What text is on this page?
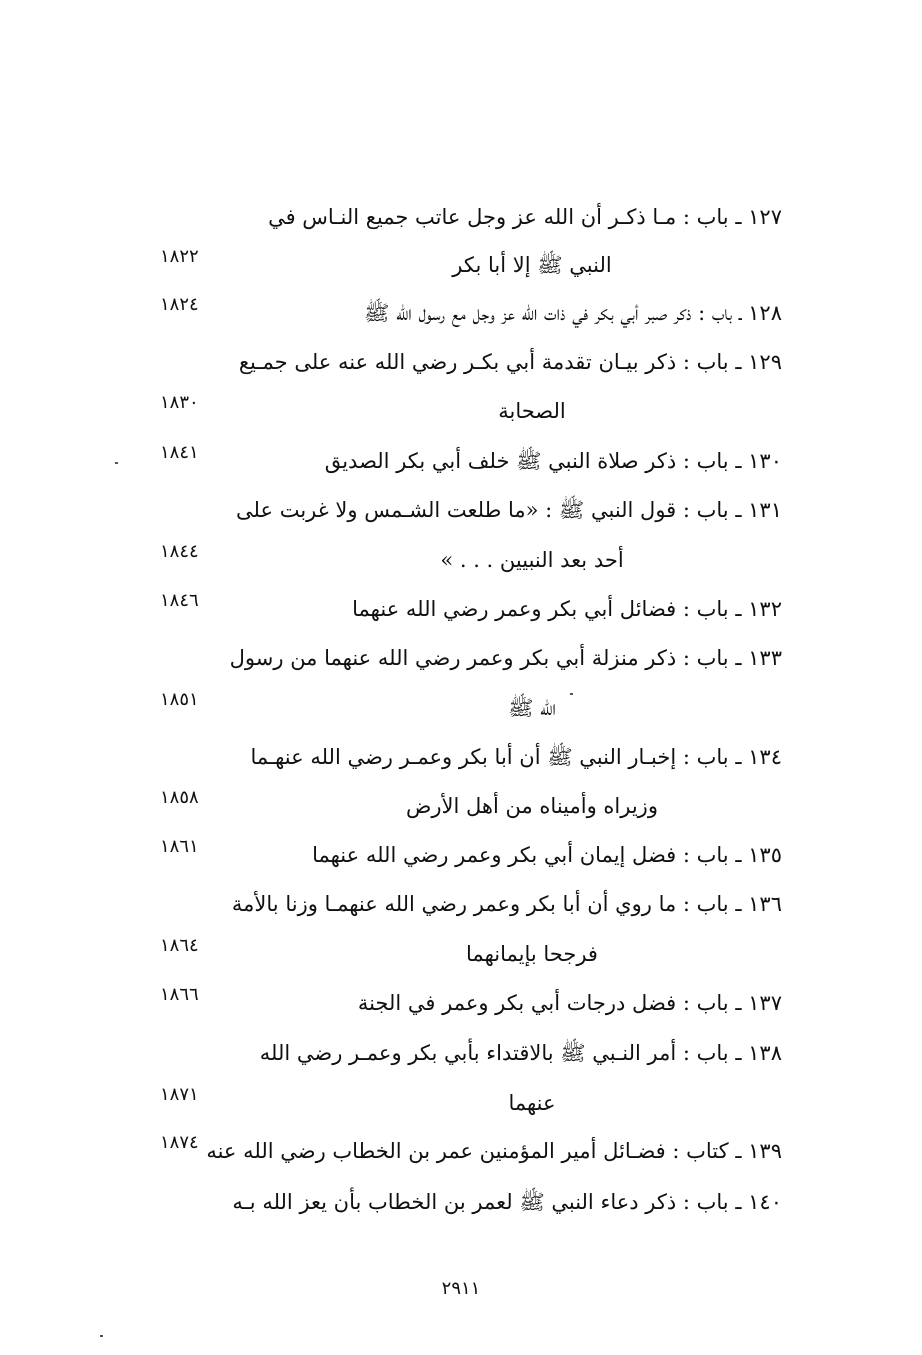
١٢٧ ـ باب : مـا ذكـر أن الله عز وجل عاتب جميع النـاس في
النبي ﷺ إلا أبا بكر
١٨٢٢
١٢٨ ـ باب : ذكر صبر أبي بكر في ذات الله عز وجل مع رسول الله ﷺ
١٨٢٤
١٢٩ ـ باب : ذكر بيـان تقدمة أبي بكـر رضي الله عنه على جمـيع
الصحابة
١٨٣٠
١٣٠ ـ باب : ذكر صلاة النبي ﷺ خلف أبي بكر الصديق
١٨٤١
١٣١ ـ باب : قول النبي ﷺ : «ما طلعت الشـمس ولا غربت على
أحد بعد النبيين . . . »
١٨٤٤
١٣٢ ـ باب : فضائل أبي بكر وعمر رضي الله عنهما
١٨٤٦
١٣٣ ـ باب : ذكر منزلة أبي بكر وعمر رضي الله عنهما من رسول
الله ﷺ
١٨٥١
١٣٤ ـ باب : إخبـار النبي ﷺ أن أبا بكر وعمـر رضي الله عنهـما
وزيراه وأميناه من أهل الأرض
١٨٥٨
١٣٥ ـ باب : فضل إيمان أبي بكر وعمر رضي الله عنهما
١٨٦١
١٣٦ ـ باب : ما روي أن أبا بكر وعمر رضي الله عنهمـا وزنا بالأمة
فرجحا بإيمانهما
١٨٦٤
١٣٧ ـ باب : فضل درجات أبي بكر وعمر في الجنة
١٨٦٦
١٣٨ ـ باب : أمر النـبي ﷺ بالاقتداء بأبي بكر وعمـر رضي الله
عنهما
١٨٧١
١٣٩ ـ كتاب : فضـائل أمير المؤمنين عمر بن الخطاب رضي الله عنه
١٨٧٤
١٤٠ ـ باب : ذكر دعاء النبي ﷺ لعمر بن الخطاب بأن يعز الله بـه
٢٩١١
